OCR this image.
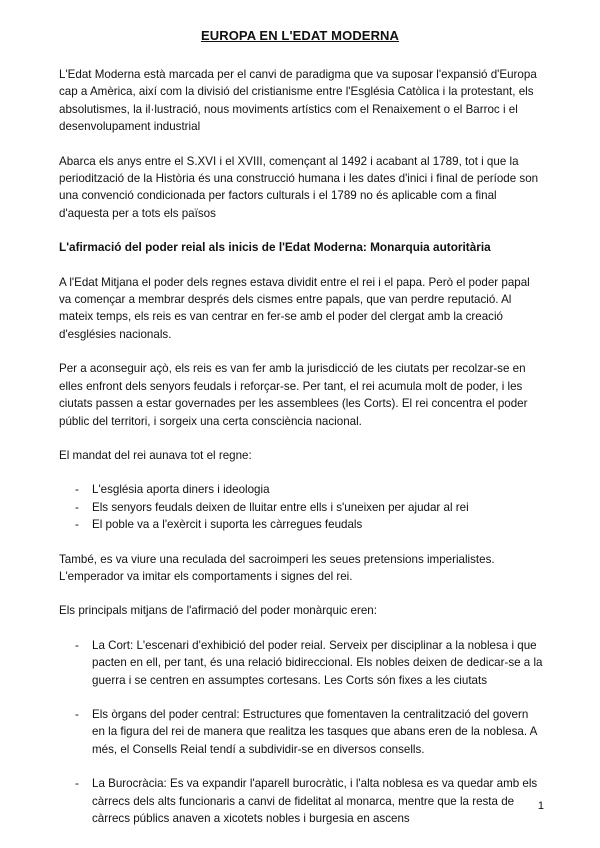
EUROPA EN L'EDAT MODERNA

L'Edat Moderna està marcada per el canvi de paradigma que va suposar l'expansió d'Europa cap a Amèrica, així com la divisió del cristianisme entre l'Església Catòlica i la protestant, els absolutismes, la il·lustració, nous moviments artístics com el Renaixement o el Barroc i el desenvolupament industrial

Abarca els anys entre el S.XVI i el XVIII, començant al 1492 i acabant al 1789, tot i que la periodització de la Història és una construcció humana i les dates d'inici i final de període son una convenció condicionada per factors culturals i el 1789 no és aplicable com a final d'aquesta per a tots els països

L'afirmació del poder reial als inicis de l'Edat Moderna: Monarquia autoritària

A l'Edat Mitjana el poder dels regnes estava dividit entre el rei i el papa. Però el poder papal va començar a membrar després dels cismes entre papals, que van perdre reputació. Al mateix temps, els reis es van centrar en fer-se amb el poder del clergat amb la creació d'esglésies nacionals.

Per a aconseguir açò, els reis es van fer amb la jurisdicció de les ciutats per recolzar-se en elles enfront dels senyors feudals i reforçar-se. Per tant, el rei acumula molt de poder, i les ciutats passen a estar governades per les assemblees (les Corts). El rei concentra el poder públic del territori, i sorgeix una certa consciència nacional.

El mandat del rei aunava tot el regne:

- L'església aporta diners i ideologia
- Els senyors feudals deixen de lluitar entre ells i s'uneixen per ajudar al rei
- El poble va a l'exèrcit i suporta les càrregues feudals

També, es va viure una reculada del sacroimperi les seues pretensions imperialistes. L'emperador va imitar els comportaments i signes del rei.

Els principals mitjans de l'afirmació del poder monàrquic eren:

- La Cort: L'escenari d'exhibició del poder reial. Serveix per disciplinar a la noblesa i que pacten en ell, per tant, és una relació bidireccional. Els nobles deixen de dedicar-se a la guerra i se centren en assumptes cortesans. Les Corts són fixes a les ciutats
- Els òrgans del poder central: Estructures que fomentaven la centralització del govern en la figura del rei de manera que realitza les tasques que abans eren de la noblesa. A més, el Consells Reial tendí a subdividir-se en diversos consells.
- La Burocràcia: Es va expandir l'aparell burocràtic, i l'alta noblesa es va quedar amb els càrrecs dels alts funcionaris a canvi de fidelitat al monarca, mentre que la resta de càrrecs públics anaven a xicotets nobles i burgesia en ascens
1
